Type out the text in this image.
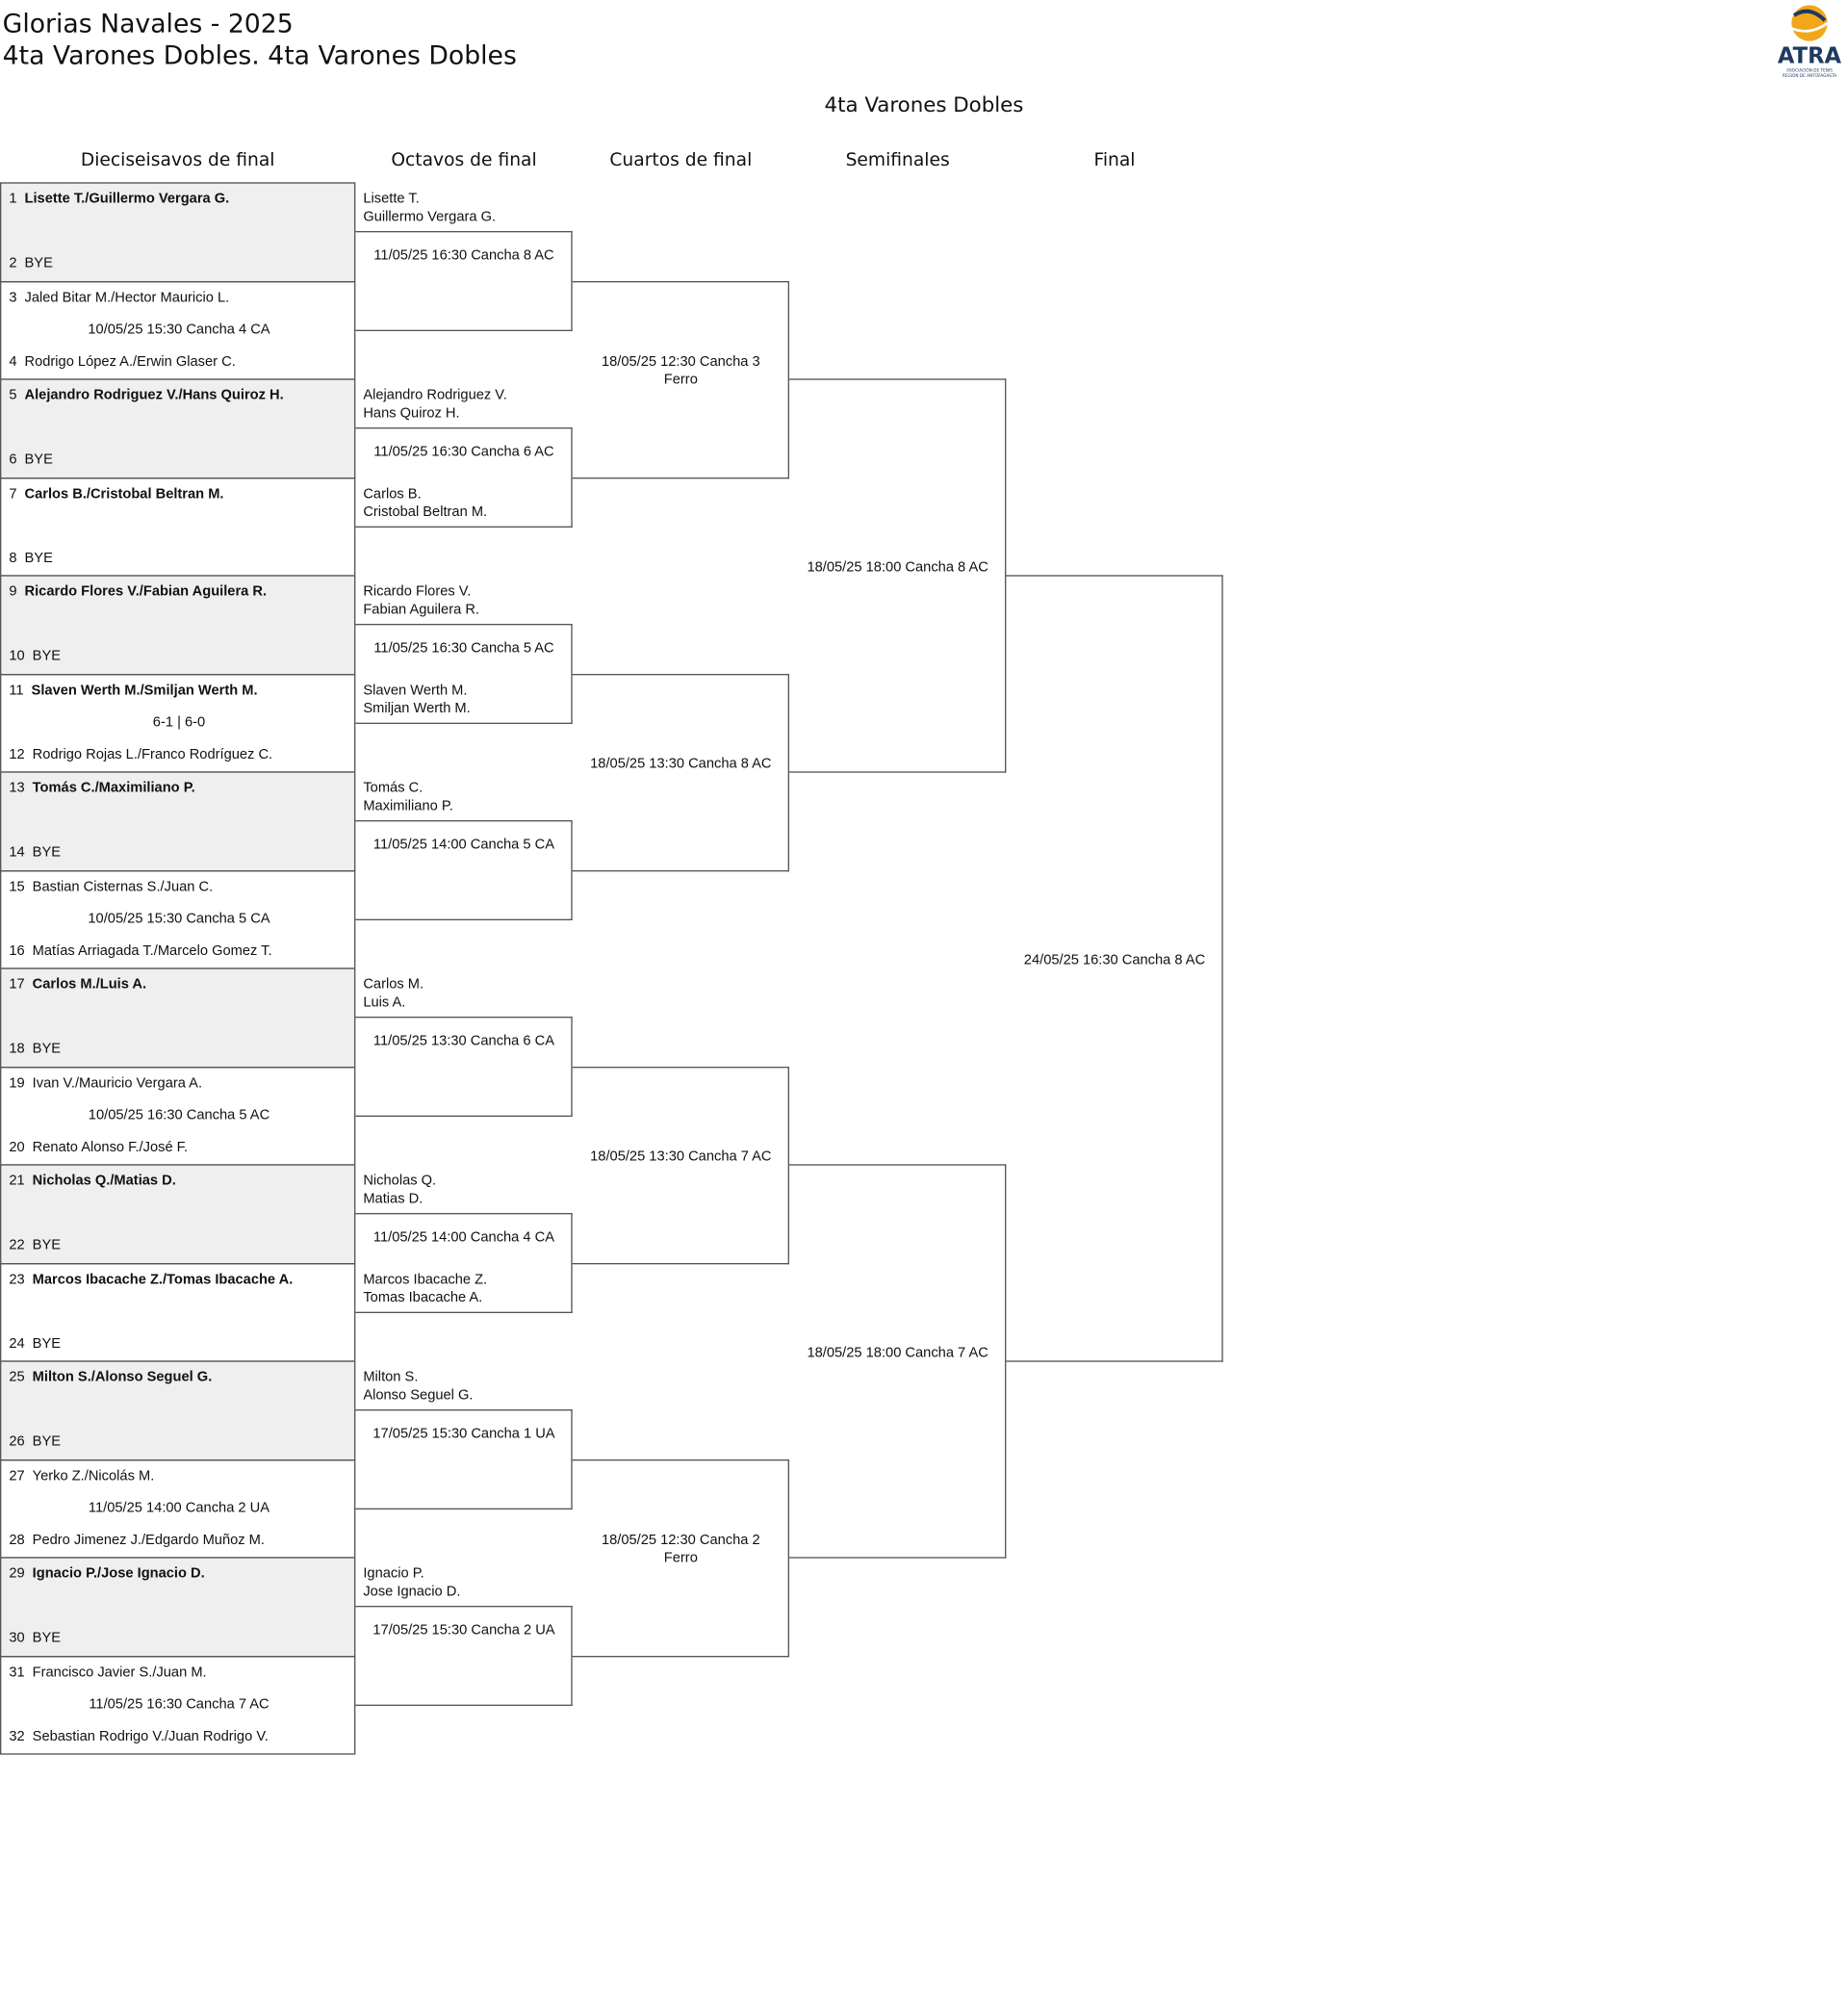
Glorias Navales - 2025
4ta Varones Dobles. 4ta Varones Dobles
4ta Varones Dobles
ATRA
ASOCIACIÓN DE TENIS
REGIÓN DE ANTOFAGASTA
Dieciseisavos de final	Octavos de final	Cuartos de final	Semifinales	Final
1 Lisette T./Guillermo Vergara G.
2 BYE
3 Jaled Bitar M./Hector Mauricio L.
10/05/25 15:30 Cancha 4 CA
4 Rodrigo López A./Erwin Glaser C.
5 Alejandro Rodriguez V./Hans Quiroz H.
6 BYE
7 Carlos B./Cristobal Beltran M.
8 BYE
9 Ricardo Flores V./Fabian Aguilera R.
10 BYE
11 Slaven Werth M./Smiljan Werth M.
6-1 | 6-0
12 Rodrigo Rojas L./Franco Rodríguez C.
13 Tomás C./Maximiliano P.
14 BYE
15 Bastian Cisternas S./Juan C.
10/05/25 15:30 Cancha 5 CA
16 Matías Arriagada T./Marcelo Gomez T.
17 Carlos M./Luis A.
18 BYE
19 Ivan V./Mauricio Vergara A.
10/05/25 16:30 Cancha 5 AC
20 Renato Alonso F./José F.
21 Nicholas Q./Matias D.
22 BYE
23 Marcos Ibacache Z./Tomas Ibacache A.
24 BYE
25 Milton S./Alonso Seguel G.
26 BYE
27 Yerko Z./Nicolás M.
11/05/25 14:00 Cancha 2 UA
28 Pedro Jimenez J./Edgardo Muñoz M.
29 Ignacio P./Jose Ignacio D.
30 BYE
31 Francisco Javier S./Juan M.
11/05/25 16:30 Cancha 7 AC
32 Sebastian Rodrigo V./Juan Rodrigo V.
Lisette T.
Guillermo Vergara G.
11/05/25 16:30 Cancha 8 AC
Alejandro Rodriguez V.
Hans Quiroz H.
11/05/25 16:30 Cancha 6 AC
Carlos B.
Cristobal Beltran M.
Ricardo Flores V.
Fabian Aguilera R.
11/05/25 16:30 Cancha 5 AC
Slaven Werth M.
Smiljan Werth M.
Tomás C.
Maximiliano P.
11/05/25 14:00 Cancha 5 CA
Carlos M.
Luis A.
11/05/25 13:30 Cancha 6 CA
Nicholas Q.
Matias D.
11/05/25 14:00 Cancha 4 CA
Marcos Ibacache Z.
Tomas Ibacache A.
Milton S.
Alonso Seguel G.
17/05/25 15:30 Cancha 1 UA
Ignacio P.
Jose Ignacio D.
17/05/25 15:30 Cancha 2 UA
18/05/25 12:30 Cancha 3
Ferro
18/05/25 13:30 Cancha 8 AC
18/05/25 13:30 Cancha 7 AC
18/05/25 12:30 Cancha 2
Ferro
18/05/25 18:00 Cancha 8 AC
18/05/25 18:00 Cancha 7 AC
24/05/25 16:30 Cancha 8 AC
